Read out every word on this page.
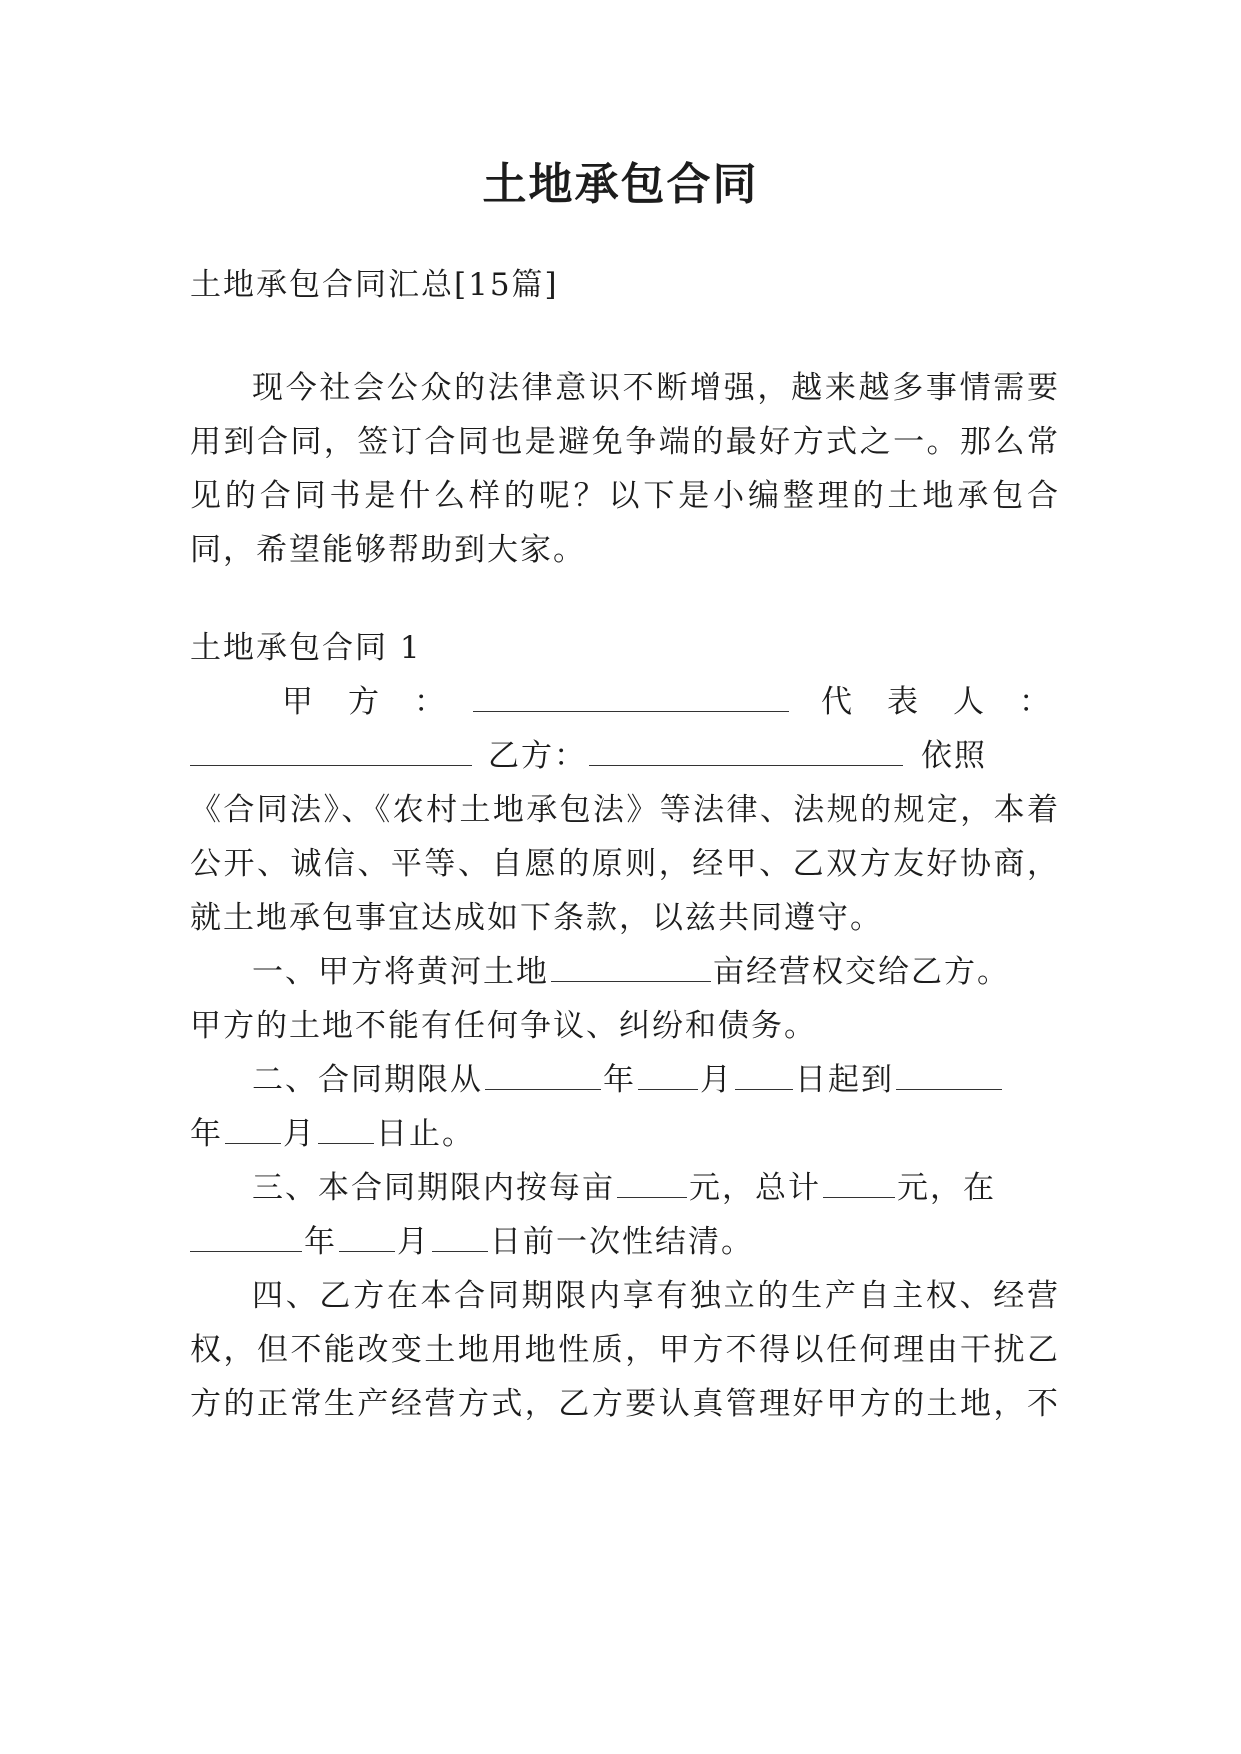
土地承包合同
土地承包合同汇总[15篇]
现今社会公众的法律意识不断增强，越来越多事情需要
用到合同，签订合同也是避免争端的最好方式之一。那么常
见的合同书是什么样的呢？以下是小编整理的土地承包合
同，希望能够帮助到大家。
土地承包合同 1
甲　方　：	代　表　人　：
乙方：	依照
《合同法》、《农村土地承包法》等法律、法规的规定，本着
公开、诚信、平等、自愿的原则，经甲、乙双方友好协商，
就土地承包事宜达成如下条款，以兹共同遵守。
一、甲方将黄河土地	亩经营权交给乙方。
甲方的土地不能有任何争议、纠纷和债务。
二、合同期限从	年 月 日起到
年 月 日止。
三、本合同期限内按每亩 元，总计 元，在
年 月 日前一次性结清。
四、乙方在本合同期限内享有独立的生产自主权、经营
权，但不能改变土地用地性质，甲方不得以任何理由干扰乙
方的正常生产经营方式，乙方要认真管理好甲方的土地，不
